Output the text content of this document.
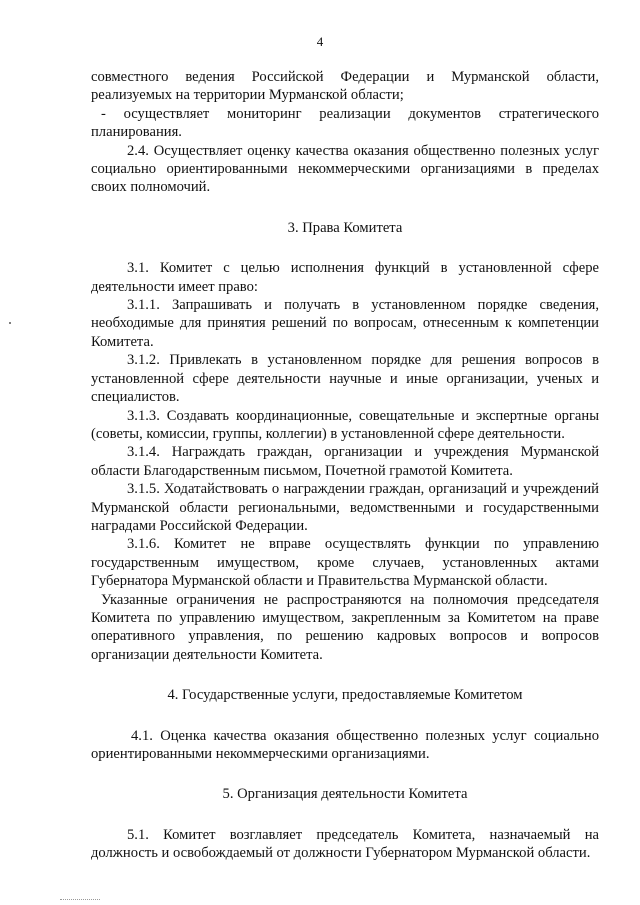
4

совместного ведения Российской Федерации и Мурманской области, реализуемых на территории Мурманской области;

- осуществляет мониторинг реализации документов стратегического планирования.

2.4. Осуществляет оценку качества оказания общественно полезных услуг социально ориентированными некоммерческими организациями в пределах своих полномочий.

3. Права Комитета

3.1. Комитет с целью исполнения функций в установленной сфере деятельности имеет право:

3.1.1. Запрашивать и получать в установленном порядке сведения, необходимые для принятия решений по вопросам, отнесенным к компетенции Комитета.

3.1.2. Привлекать в установленном порядке для решения вопросов в установленной сфере деятельности научные и иные организации, ученых и специалистов.

3.1.3. Создавать координационные, совещательные и экспертные органы (советы, комиссии, группы, коллегии) в установленной сфере деятельности.

3.1.4. Награждать граждан, организации и учреждения Мурманской области Благодарственным письмом, Почетной грамотой Комитета.

3.1.5. Ходатайствовать о награждении граждан, организаций и учреждений Мурманской области региональными, ведомственными и государственными наградами Российской Федерации.

3.1.6. Комитет не вправе осуществлять функции по управлению государственным имуществом, кроме случаев, установленных актами Губернатора Мурманской области и Правительства Мурманской области.

Указанные ограничения не распространяются на полномочия председателя Комитета по управлению имуществом, закрепленным за Комитетом на праве оперативного управления, по решению кадровых вопросов и вопросов организации деятельности Комитета.

4. Государственные услуги, предоставляемые Комитетом

4.1. Оценка качества оказания общественно полезных услуг социально ориентированными некоммерческими организациями.

5. Организация деятельности Комитета

5.1. Комитет возглавляет председатель Комитета, назначаемый на должность и освобождаемый от должности Губернатором Мурманской области.
